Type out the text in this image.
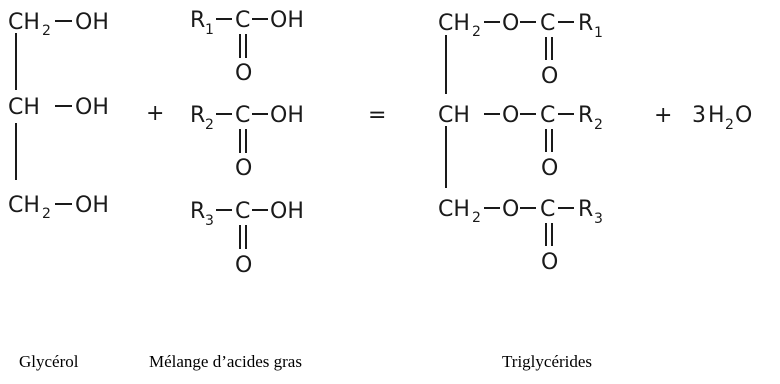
CH 2 OH
CH OH
CH 2 OH
+
R 1 C OH
O
R 2 C OH
O
R 3 C OH
O
=
CH 2 O C R 1
O
CH O C R 2
O
CH 2 O C R 3
O
+ 3 H 2 O
Glycérol	Mélange d’acides gras	Triglycérides
